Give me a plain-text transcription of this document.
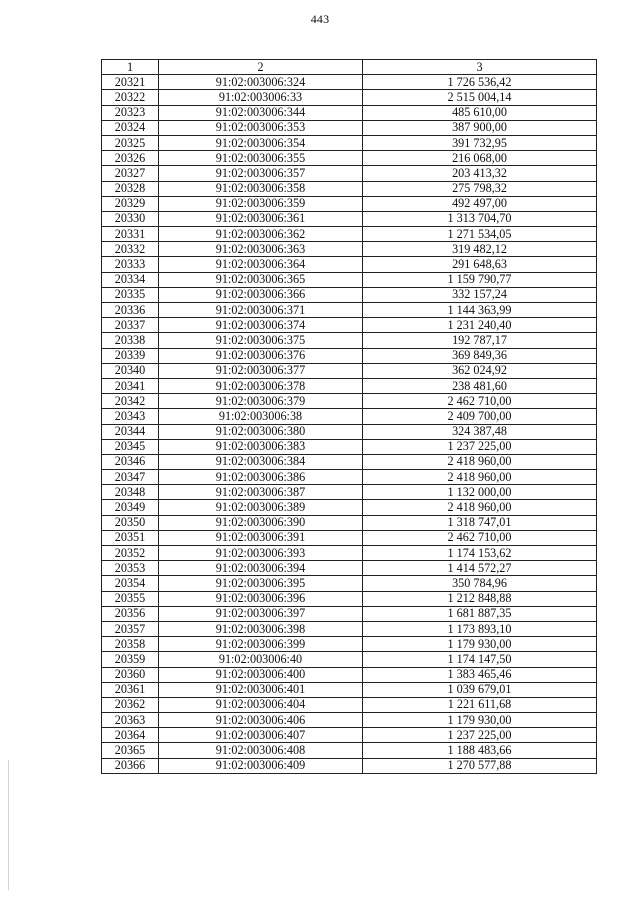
443
1	2	3
20321	91:02:003006:324	1 726 536,42
20322	91:02:003006:33	2 515 004,14
20323	91:02:003006:344	485 610,00
20324	91:02:003006:353	387 900,00
20325	91:02:003006:354	391 732,95
20326	91:02:003006:355	216 068,00
20327	91:02:003006:357	203 413,32
20328	91:02:003006:358	275 798,32
20329	91:02:003006:359	492 497,00
20330	91:02:003006:361	1 313 704,70
20331	91:02:003006:362	1 271 534,05
20332	91:02:003006:363	319 482,12
20333	91:02:003006:364	291 648,63
20334	91:02:003006:365	1 159 790,77
20335	91:02:003006:366	332 157,24
20336	91:02:003006:371	1 144 363,99
20337	91:02:003006:374	1 231 240,40
20338	91:02:003006:375	192 787,17
20339	91:02:003006:376	369 849,36
20340	91:02:003006:377	362 024,92
20341	91:02:003006:378	238 481,60
20342	91:02:003006:379	2 462 710,00
20343	91:02:003006:38	2 409 700,00
20344	91:02:003006:380	324 387,48
20345	91:02:003006:383	1 237 225,00
20346	91:02:003006:384	2 418 960,00
20347	91:02:003006:386	2 418 960,00
20348	91:02:003006:387	1 132 000,00
20349	91:02:003006:389	2 418 960,00
20350	91:02:003006:390	1 318 747,01
20351	91:02:003006:391	2 462 710,00
20352	91:02:003006:393	1 174 153,62
20353	91:02:003006:394	1 414 572,27
20354	91:02:003006:395	350 784,96
20355	91:02:003006:396	1 212 848,88
20356	91:02:003006:397	1 681 887,35
20357	91:02:003006:398	1 173 893,10
20358	91:02:003006:399	1 179 930,00
20359	91:02:003006:40	1 174 147,50
20360	91:02:003006:400	1 383 465,46
20361	91:02:003006:401	1 039 679,01
20362	91:02:003006:404	1 221 611,68
20363	91:02:003006:406	1 179 930,00
20364	91:02:003006:407	1 237 225,00
20365	91:02:003006:408	1 188 483,66
20366	91:02:003006:409	1 270 577,88
